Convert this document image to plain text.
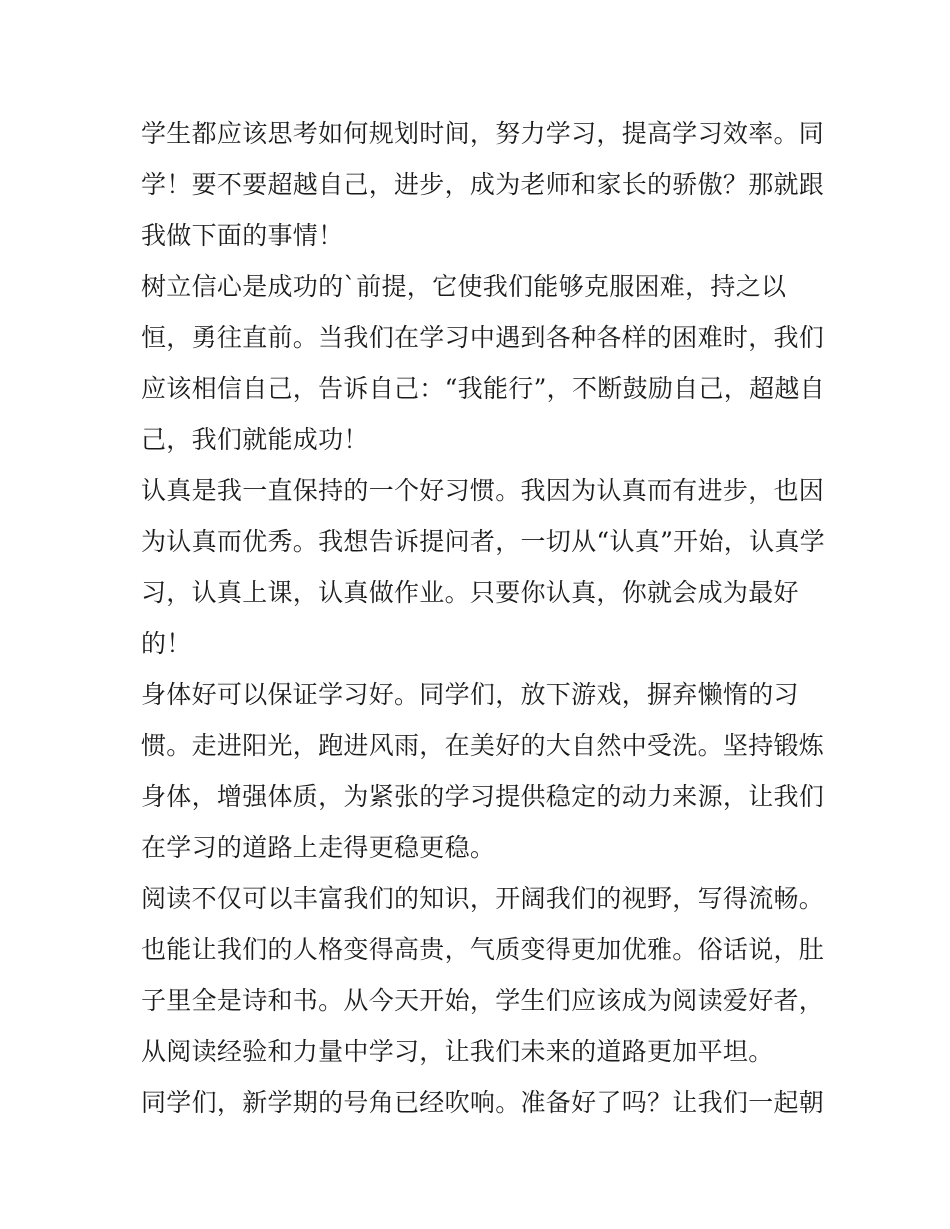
学生都应该思考如何规划时间，努力学习，提高学习效率。同
学！要不要超越自己，进步，成为老师和家长的骄傲？那就跟
我做下面的事情！
树立信心是成功的`前提，它使我们能够克服困难，持之以
恒，勇往直前。当我们在学习中遇到各种各样的困难时，我们
应该相信自己，告诉自己：“我能行”，不断鼓励自己，超越自
己，我们就能成功！
认真是我一直保持的一个好习惯。我因为认真而有进步，也因
为认真而优秀。我想告诉提问者，一切从“认真”开始，认真学
习，认真上课，认真做作业。只要你认真，你就会成为最好
的！
身体好可以保证学习好。同学们，放下游戏，摒弃懒惰的习
惯。走进阳光，跑进风雨，在美好的大自然中受洗。坚持锻炼
身体，增强体质，为紧张的学习提供稳定的动力来源，让我们
在学习的道路上走得更稳更稳。
阅读不仅可以丰富我们的知识，开阔我们的视野，写得流畅。
也能让我们的人格变得高贵，气质变得更加优雅。俗话说，肚
子里全是诗和书。从今天开始，学生们应该成为阅读爱好者，
从阅读经验和力量中学习，让我们未来的道路更加平坦。
同学们，新学期的号角已经吹响。准备好了吗？让我们一起朝
